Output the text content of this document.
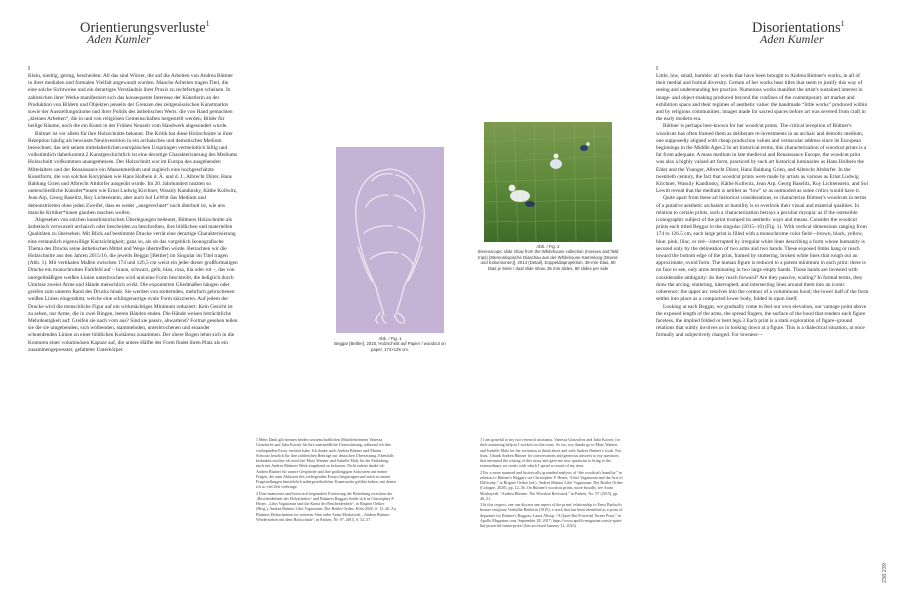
Orientierungsverluste$^1$
Aden Kumler
I

Klein, niedrig, gering, bescheiden: All das sind Wörter, die auf die Arbeiten von Andrea Büttner in ihrer medialen und formalen Vielfalt angewandt wurden. Manche Arbeiten tragen Titel, die eine solche Sichtweise und ein derartiges Verständnis ihrer Praxis zu rechtfertigen scheinen. In zahlreichen ihrer Werke manifestiert sich das konsequente Interesse der Künstlerin an der Produktion von Bildern und Objekten jenseits der Grenzen des zeitgenössischen Kunstmarkts sowie der Ausstellungsräume und ihrer Politik des ästhetischen Werts: die von Hand gemachten „kleinen Arbeiten“, die in und von religiösen Gemeinschaften hergestellt werden; Bilder für heilige Räume, noch die ein Kunst in der Frühen Neuzeit vom Handwerk abgesondert wurde.

Büttner ist vor allem für ihre Holzschnitte bekannt. Die Kritik hat diese Holzschnitte in ihrer Rezeption häufig als bewusste Neuinvestition in ein archaisches und demotisches Medium bezeichnet, das seit seinen mittelalterlichen europäischen Ursprüngen vermeintlich billig und volkstümlich daherkommt.2 Kunstgeschichtlich ist eine derartige Charakterisierung des Mediums Holzschnitt vollkommen unangemessen. Der Holzschnitt war im Europa des ausgehenden Mittelalters und der Renaissance ein Massenmedium und zugleich eine hochgeschätzte Kunstform, die von solchen Koryphäen wie Hans Holbein d. Ä. und d. J., Albrecht Dürer, Hans Baldung Grien und Albrecht Altdorfer ausgeübt wurde. Im 20. Jahrhundert nutzten so unterschiedliche Künstler*innen wie Ernst Ludwig Kirchner, Wassily Kandinsky, Käthe Kollwitz, Jean Arp, Georg Baselitz, Roy Lichtenstein, aber auch Sol LeWitt das Medium und demonstrierten ohne jeden Zweifel, dass es weder „ausgerechnet“ noch überholt ist, wie uns manche Kritiker*innen glauben machen wollen.

Abgesehen von solchen kunsthistorischen Überlegungen bedeutet, Büttners Holzschnitte als ästhetisch verwurzelt archaisch oder bescheiden zu beschreiben, ihre bildlichen und materiellen Qualitäten zu übersehen. Mit Blick auf bestimmte Drucke verrät eine derartige Charakterisierung eine erstaunlich eigenwillige Kurzsichtigkeit; ganz so, als ob das vorgeblich ikonografische Thema des Drucks seine ästhetischen Mittel und Wege übertreffen würde. Betrachten wir die Holzschnitte aus den Jahren 2015/16, die jeweils Beggar [Bettler] im Singular im Titel tragen (Abb. 1). Mit vertikalen Maßen zwischen 174 und 126,5 cm weist ein jeder dieser großformatigen Drucke ein monochromes Farbfeld auf – braun, schwarz, gelb, blau, rosa, lila oder rot –, das von unregelmäßigen weißen Linien unterbrochen wird und eine Form beschreibt, die lediglich durch Umrisse zweier Arme und Hände menschlich wirkt. Die exponierten Gliedmaßen hängen oder greifen zum unteren Rand des Drucks hinab. Sie werden von stotternden, mehrfach gebrochenen weißen Linien eingerahmt, welche eine schlingenartige ovale Form skizzieren. Auf jedem der Drucke wird die menschliche Figur auf ein wirkmächtiges Minimum reduziert: Kein Gesicht ist zu sehen, nur Arme, die in zwei Ringen, leeren Händen enden. Die Hände weisen beträchtliche Mehrdeutigkeit auf: Greifen sie nach vorn aus? Sind sie passiv, abwartend? Formal gesehen teilen sie die sie umgebenden, sich wölbenden, stammelnden, unterbrochenen und einander schneidenden Linien zu einer bildlichen Kohärenz zusammen. Der obere Bogen lehnt sich in die Konturen einer voluminösen Kapuze auf, die untere Hälfte der Form findet ihren Platz als ein zusammengepresster, gefalteter Unterkörper.

1 Mein Dank gilt meinen beiden wissenschaftlichen Mitarbeiterinnen Vanessa Gonzalvez und Julia Kaczer für ihre unermüdliche Unterstützung, während ich den vorliegenden Essay verfasst habe. Ich danke auch Andrea Büttner und Martin Schwarz herzlich für ihre zahlreichen Beiträge zur deutschen Übersetzung. Ebenfalls bedanken möchte ich mich bei Mary Wanner und Isabelle Malz für die Einladung, mich mit Andrea Büttners Werk eingehend zu befassen. Nicht zuletzt danke ich Andrea Büttner für unsere Gespräche und ihre großzügigen Antworten auf meine Fragen, die zum Abfassen des vorliegenden Essays beigetragen und mich zu neuen Fragestellungen hinsichtlich außergewöhnlicher Kunstwerke geführt haben, mit denen ich so viel Zeit verbringe.

2 Eine nuancierte und historisch begründete Erörterung der Beziehung zwischen der „Bescheidenheit des Holzschnitts“ und Büttners Beggars findet sich in Christopher P. Heuer, „Libri Vagatorum und die Kunst der Bescheidenheit“, in Brigitte Oetker (Hrsg.), Andrea Büttner Libri Vagatorum: Der Bettler Orden, Köln 2020, S. 12–36. Zu Büttners Holzschnitten im weiteren Sinn siehe Aram Moshayedi, „Andrea Büttner: Wiederstehen mit dem Holzschnitt“, in Parkett, Nr. 97, 2015, S. 52–57.

Abb. / Fig. 1
Beggar [Bettler], 2016, Holzschnitt auf Papier / woodcut on paper, 174×125 cm.
Abb. / Fig. 2
Stereoscopic slide show from the Whitehouse collection (mosses and field trips) [Stereoskopische Diaschau aus der Whitehouse-Sammlung (Moose und Exkursionen)], 2014 (Detail), Doppeldiaprojektion, 35-mm-Dias, 80 Dias je Seite / dual slide show, 35 mm slides, 80 slides per side

1 I am grateful to my two research assistants, Vanessa Gonzalvez and Julia Kaczer, for their unstinting help as I worked on this essay. So too, my thanks go to Mary Wanner and Isabelle Malz for the invitation to think about and with Andrea Büttner's work. Not least, I thank Andrea Büttner for conversations and generous answers to my questions that informed the writing of this essay and gave me new questions to bring to the extraordinary art works with which I spend so much of my time.

2 For a more nuanced and historically grounded analysis of “the woodcut's humility” in relation to Büttner's Beggars see Christopher P. Heuer, “Libri Vagatorum and the Arts of Difficulty,” in Brigitte Oetker (ed.), Andrea Büttner Libri Vagatorum: Der Bettler Orden (Cologne, 2020), pp. 12–36. On Büttner's woodcut prints, more broadly, see Aram Moshayedi, “Andrea Büttner: The Woodcut Revisited,” in Parkett, No. 97 (2015), pp. 46–51.

3 In this respect, one can discern one aspect of the prints' relationship to Ernst Barlach's bronze sculpture Verhüllte Bettlerin (1919), a work that has been identified as a point of departure for Büttner's Beggars; Laura Allsop, “A Quiet But Powerful Turner Prize,” in Apollo Magazine.com, September 28, 2017; https://www.apollo-magazine.com/a-quiet-but-powerful-turner-prize/ (last accessed January 31, 2023).

Disorientations$^1$
Aden Kumler
I

Little, low, small, humble: all words that have been brought to Andrea Büttner's works, in all of their medial and formal diversity. Certain of her works bear titles that seem to justify this way of seeing and understanding her practice. Numerous works manifest the artist's sustained interest in image- and object-making produced beyond the confines of the contemporary art market and exhibition space and their regimes of aesthetic value: the handmade “little works” produced within and by religious communities; images made for sacred spaces before art was severed from craft in the early modern era.

Büttner is perhaps best-known for her woodcut prints. The critical reception of Büttner's woodcuts has often framed them as deliberate re-investments in an archaic and demotic medium, one supposedly aligned with cheap production values and vernacular address since its European beginnings in the Middle Ages.2 In art historical terms, this characterization of woodcut prints is a far from adequate. A mass medium in late medieval and Renaissance Europe, the woodcut print was also a highly valued art form, practiced by such art historical luminaries as Hans Holbein the Elder and the Younger, Albrecht Dürer, Hans Baldung Grien, and Albrecht Altdorfer. In the twentieth century, the fact that woodcut prints were made by artists as various as Ernst Ludwig Kirchner, Wassily Kandinsky, Käthe Kollwitz, Jean Arp, Georg Baselitz, Roy Lichtenstein, and Sol Lewitt reveal that the medium is neither as “low” or as outmoded as some critics would have it.

Quite apart from these art historical considerations, to characterize Büttner's woodcuts in terms of a putative aesthetic archaism or humility is to overlook their visual and material qualities. In relation to certain prints, such a characterization betrays a peculiar myopia: as if the ostensible iconographic subject of the print trumped its aesthetic ways and means. Consider the woodcut prints each titled Beggar in the singular (2015–16) (Fig. 1). With vertical dimensions ranging from 174 to 126.5 cm, each large print is filled with a monochrome color field—brown, black, yellow, blue, pink, lilac, or red—interrupted by irregular white lines describing a form whose humanity is secured only by the delineation of two arms and two hands. These exposed limbs hang or reach toward the bottom edge of the print, framed by stuttering, broken white lines that rough out an approximate, ovoid form. The human figure is reduced to a potent minimum in each print: there is no face to see, only arms terminating in two large empty hands. Those hands are invested with considerable ambiguity: do they reach forward? Are they passive, waiting? In formal terms, they draw the arcing, stuttering, interrupted, and intersecting lines around them into an iconic coherence: the upper arc resolves into the contour of a voluminous hood; the lower half of the form settles into place as a compacted lower body, folded in upon itself.

Looking at each Beggar, we gradually come to feel our own elevation, our vantage point above the exposed length of the arms, the spread fingers, the surface of the hood that renders each figure faceless, the implied folded or bent legs.3 Each print is a stark exploration of figure–ground relations that subtly involves us in looking down at a figure. This is a dialectical situation, at once formally and subjectively charged. For lowness—

238 239
